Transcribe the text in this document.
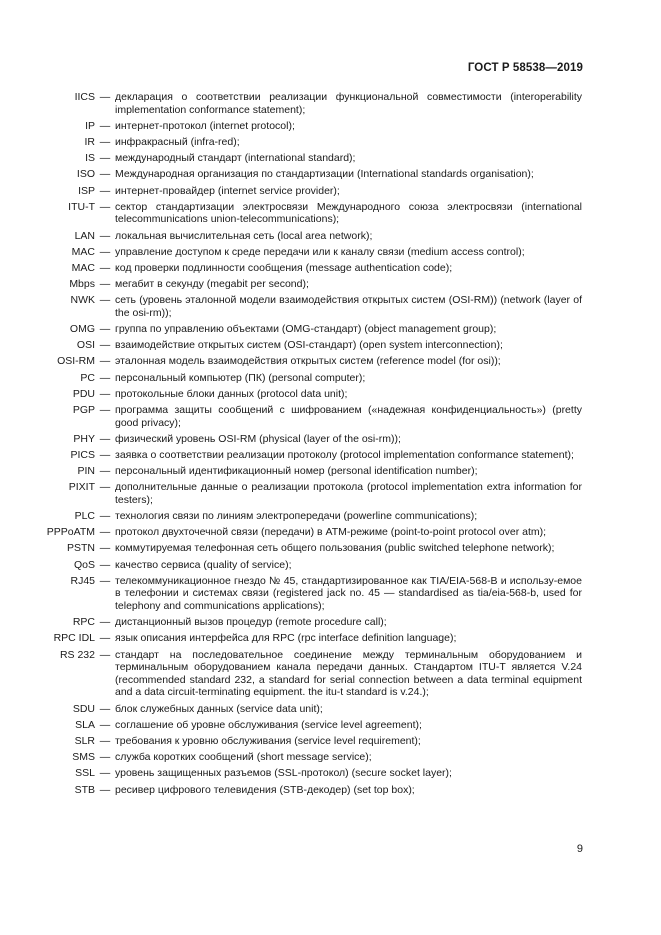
ГОСТ Р 58538—2019
IICS — декларация о соответствии реализации функциональной совместимости (interoperability implementation conformance statement);
IP — интернет-протокол (internet protocol);
IR — инфракрасный (infra-red);
IS — международный стандарт (international standard);
ISO — Международная организация по стандартизации (International standards organisation);
ISP — интернет-провайдер (internet service provider);
ITU-T — сектор стандартизации электросвязи Международного союза электросвязи (international telecommunications union-telecommunications);
LAN — локальная вычислительная сеть (local area network);
MAC — управление доступом к среде передачи или к каналу связи (medium access control);
MAC — код проверки подлинности сообщения (message authentication code);
Mbps — мегабит в секунду (megabit per second);
NWK — сеть (уровень эталонной модели взаимодействия открытых систем (OSI-RM)) (network (layer of the osi-rm));
OMG — группа по управлению объектами (OMG-стандарт) (object management group);
OSI — взаимодействие открытых систем (OSI-стандарт) (open system interconnection);
OSI-RM — эталонная модель взаимодействия открытых систем (reference model (for osi));
PC — персональный компьютер (ПК) (personal computer);
PDU — протокольные блоки данных (protocol data unit);
PGP — программа защиты сообщений с шифрованием («надежная конфиденциальность») (pretty good privacy);
PHY — физический уровень OSI-RM (physical (layer of the osi-rm));
PICS — заявка о соответствии реализации протоколу (protocol implementation conformance statement);
PIN — персональный идентификационный номер (personal identification number);
PIXIT — дополнительные данные о реализации протокола (protocol implementation extra information for testers);
PLC — технология связи по линиям электропередачи (powerline communications);
PPPoATM — протокол двухточечной связи (передачи) в ATM-режиме (point-to-point protocol over atm);
PSTN — коммутируемая телефонная сеть общего пользования (public switched telephone network);
QoS — качество сервиса (quality of service);
RJ45 — телекоммуникационное гнездо № 45, стандартизированное как TIA/EIA-568-B и использу-емое в телефонии и системах связи (registered jack no. 45 — standardised as tia/eia-568-b, used for telephony and communications applications);
RPC — дистанционный вызов процедур (remote procedure call);
RPC IDL — язык описания интерфейса для RPC (rpc interface definition language);
RS 232 — стандарт на последовательное соединение между терминальным оборудованием и терминальным оборудованием канала передачи данных. Стандартом ITU-T является V.24 (recommended standard 232, a standard for serial connection between a data terminal equipment and a data circuit-terminating equipment. the itu-t standard is v.24.);
SDU — блок служебных данных (service data unit);
SLA — соглашение об уровне обслуживания (service level agreement);
SLR — требования к уровню обслуживания (service level requirement);
SMS — служба коротких сообщений (short message service);
SSL — уровень защищенных разъемов (SSL-протокол) (secure socket layer);
STB — ресивер цифрового телевидения (STB-декодер) (set top box);
9
